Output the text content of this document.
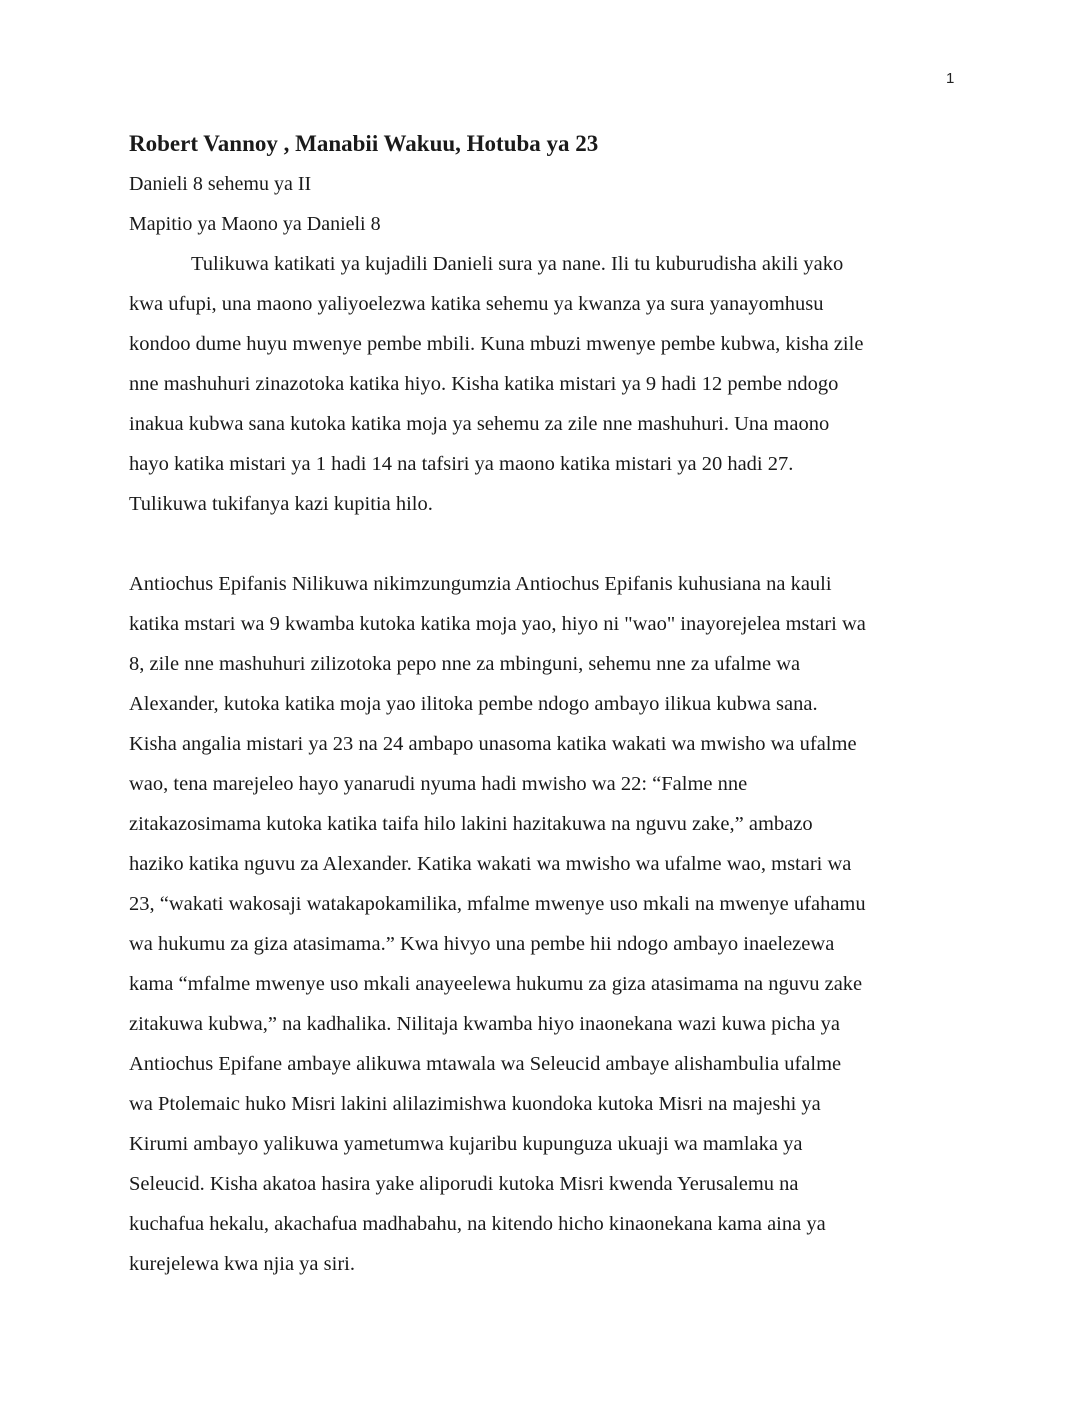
1
Robert Vannoy , Manabii Wakuu, Hotuba ya 23

Danieli 8 sehemu ya II

Mapitio ya Maono ya Danieli 8

Tulikuwa katikati ya kujadili Danieli sura ya nane. Ili tu kuburudisha akili yako
kwa ufupi, una maono yaliyoelezwa katika sehemu ya kwanza ya sura yanayomhusu
kondoo dume huyu mwenye pembe mbili. Kuna mbuzi mwenye pembe kubwa, kisha zile
nne mashuhuri zinazotoka katika hiyo. Kisha katika mistari ya 9 hadi 12 pembe ndogo
inakua kubwa sana kutoka katika moja ya sehemu za zile nne mashuhuri. Una maono
hayo katika mistari ya 1 hadi 14 na tafsiri ya maono katika mistari ya 20 hadi 27.
Tulikuwa tukifanya kazi kupitia hilo.
Antiochus Epifanis Nilikuwa nikimzungumzia Antiochus Epifanis kuhusiana na kauli
katika mstari wa 9 kwamba kutoka katika moja yao, hiyo ni "wao" inayorejelea mstari wa
8, zile nne mashuhuri zilizotoka pepo nne za mbinguni, sehemu nne za ufalme wa
Alexander, kutoka katika moja yao ilitoka pembe ndogo ambayo ilikua kubwa sana.
Kisha angalia mistari ya 23 na 24 ambapo unasoma katika wakati wa mwisho wa ufalme
wao, tena marejeleo hayo yanarudi nyuma hadi mwisho wa 22: “Falme nne
zitakazosimama kutoka katika taifa hilo lakini hazitakuwa na nguvu zake,” ambazo
haziko katika nguvu za Alexander. Katika wakati wa mwisho wa ufalme wao, mstari wa
23, “wakati wakosaji watakapokamilika, mfalme mwenye uso mkali na mwenye ufahamu
wa hukumu za giza atasimama.” Kwa hivyo una pembe hii ndogo ambayo inaelezewa
kama “mfalme mwenye uso mkali anayeelewa hukumu za giza atasimama na nguvu zake
zitakuwa kubwa,” na kadhalika. Nilitaja kwamba hiyo inaonekana wazi kuwa picha ya
Antiochus Epifane ambaye alikuwa mtawala wa Seleucid ambaye alishambulia ufalme
wa Ptolemaic huko Misri lakini alilazimishwa kuondoka kutoka Misri na majeshi ya
Kirumi ambayo yalikuwa yametumwa kujaribu kupunguza ukuaji wa mamlaka ya
Seleucid. Kisha akatoa hasira yake aliporudi kutoka Misri kwenda Yerusalemu na
kuchafua hekalu, akachafua madhabahu, na kitendo hicho kinaonekana kama aina ya
kurejelewa kwa njia ya siri.
